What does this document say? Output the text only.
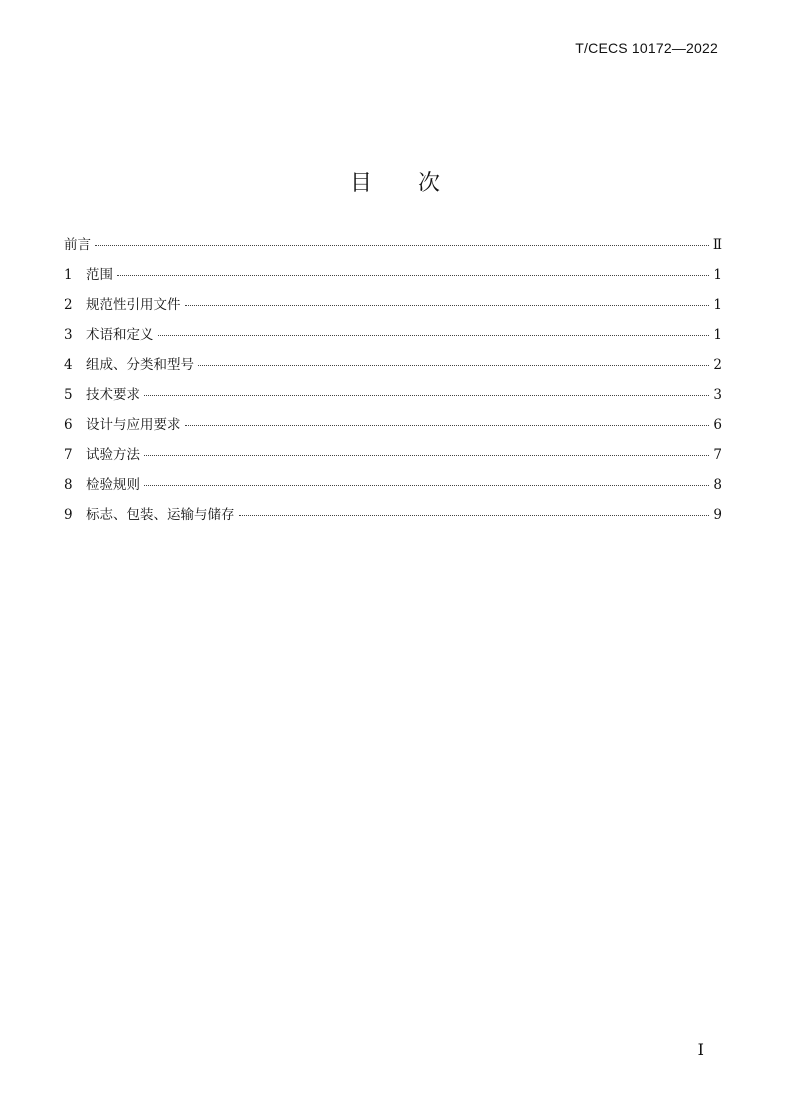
T/CECS 10172—2022
目 次
前言	Ⅱ
1 范围	1
2 规范性引用文件	1
3 术语和定义	1
4 组成、分类和型号	2
5 技术要求	3
6 设计与应用要求	6
7 试验方法	7
8 检验规则	8
9 标志、包装、运输与储存	9
I
